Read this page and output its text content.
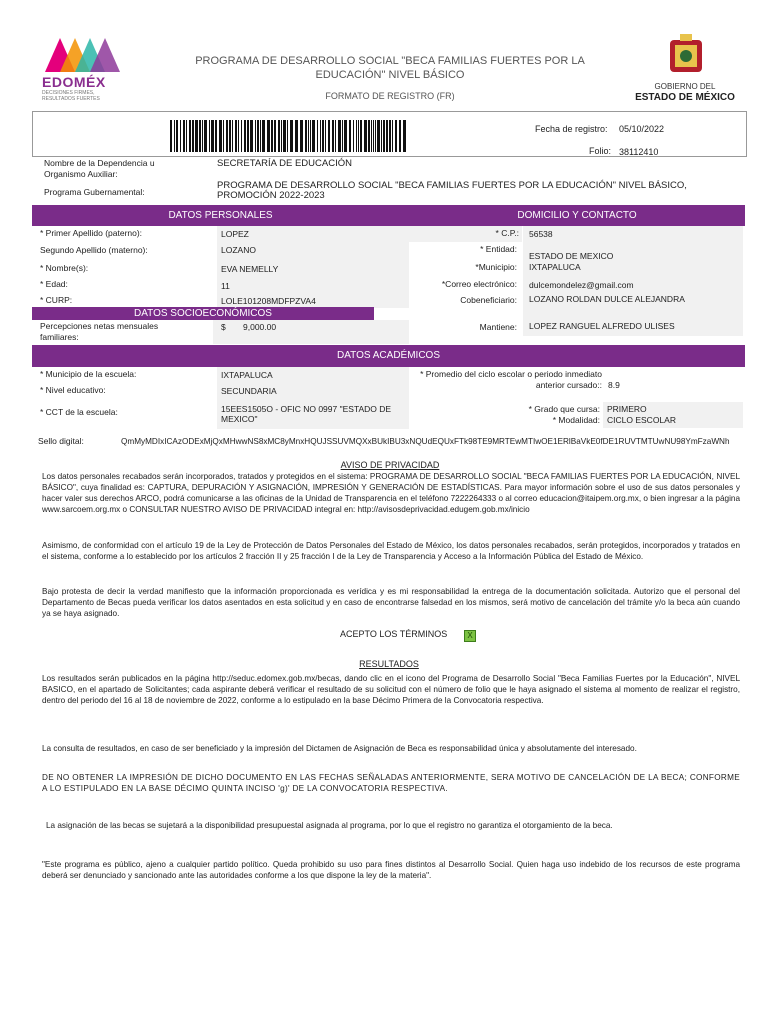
EDOMÉX
DECISIONES FIRMES, RESULTADOS FUERTES
PROGRAMA DE DESARROLLO SOCIAL "BECA FAMILIAS FUERTES POR LA EDUCACIÓN" NIVEL BÁSICO
FORMATO DE REGISTRO (FR)
GOBIERNO DEL
ESTADO DE MÉXICO
Fecha de registro: 05/10/2022
Folio: 38112410
Nombre de la Dependencia u Organismo Auxiliar:
SECRETARÍA DE EDUCACIÓN
Programa Gubernamental:
PROGRAMA DE DESARROLLO SOCIAL "BECA FAMILIAS FUERTES POR LA EDUCACIÓN" NIVEL BÁSICO, PROMOCIÓN 2022-2023
DATOS PERSONALES	DOMICILIO Y CONTACTO
* Primer Apellido (paterno):	LOPEZ
Segundo Apellido (materno):	LOZANO
* Nombre(s):	EVA NEMELLY
* Edad:	11
* CURP:	LOLE101208MDFPZVA4
* C.P.: 56538
* Entidad:
ESTADO DE MEXICO
*Municipio: IXTAPALUCA
*Correo electrónico: dulcemondelez@gmail.com
Cobeneficiario: LOZANO ROLDAN DULCE ALEJANDRA
Mantiene: LOPEZ RANGUEL ALFREDO ULISES
DATOS SOCIOECONÓMICOS
Percepciones netas mensuales familiares:
$ 9,000.00
DATOS ACADÉMICOS
* Municipio de la escuela:	IXTAPALUCA
* Nivel educativo:	SECUNDARIA
* CCT de la escuela:	15EES1505O - OFIC NO 0997 "ESTADO DE MEXICO"
* Promedio del ciclo escolar o periodo inmediato anterior cursado:: 8.9
* Grado que cursa: PRIMERO
* Modalidad: CICLO ESCOLAR
Sello digital:	QmMyMDIxICAzODExMjQxMHwwNS8xMC8yMnxHQUJSSUVMQXxBUkIBU3xNQUdEQUxFTk98TE9MRTEwMTIwOE1ERlBaVkE0fDE1RUVTMTUwNU98YmFzaWNh
AVISO DE PRIVACIDAD
Los datos personales recabados serán incorporados, tratados y protegidos en el sistema: PROGRAMA DE DESARROLLO SOCIAL "BECA FAMILIAS FUERTES POR LA EDUCACIÓN, NIVEL BÁSICO", cuya finalidad es: CAPTURA, DEPURACIÓN Y ASIGNACIÓN, IMPRESIÓN Y GENERACIÓN DE ESTADÍSTICAS. Para mayor información sobre el uso de sus datos personales y hacer valer sus derechos ARCO, podrá comunicarse a las oficinas de la Unidad de Transparencia en el teléfono 7222264333 o al correo educacion@itaipem.org.mx, o bien ingresar a la página www.sarcoem.org.mx o CONSULTAR NUESTRO AVISO DE PRIVACIDAD integral en: http://avisosdeprivacidad.edugem.gob.mx/inicio
Asimismo, de conformidad con el artículo 19 de la Ley de Protección de Datos Personales del Estado de México, los datos personales recabados, serán protegidos, incorporados y tratados en el sistema, conforme a lo establecido por los artículos 2 fracción II y 25 fracción I de la Ley de Transparencia y Acceso a la Información Pública del Estado de México.
Bajo protesta de decir la verdad manifiesto que la información proporcionada es verídica y es mi responsabilidad la entrega de la documentación solicitada. Autorizo que el personal del Departamento de Becas pueda verificar los datos asentados en esta solicitud y en caso de encontrarse falsedad en los mismos, será motivo de cancelación del trámite y/o la beca aún cuando ya se haya asignado.
ACEPTO LOS TÉRMINOS	X
RESULTADOS
Los resultados serán publicados en la página http://seduc.edomex.gob.mx/becas, dando clic en el icono del Programa de Desarrollo Social "Beca Familias Fuertes por la Educación", NIVEL BASICO, en el apartado de Solicitantes; cada aspirante deberá verificar el resultado de su solicitud con el número de folio que le haya asignado el sistema al momento de realizar el registro, dentro del periodo del 16 al 18 de noviembre de 2022, conforme a lo estipulado en la base Décimo Primera de la Convocatoria respectiva.
La consulta de resultados, en caso de ser beneficiado y la impresión del Dictamen de Asignación de Beca es responsabilidad única y absolutamente del interesado.
DE NO OBTENER LA IMPRESIÓN DE DICHO DOCUMENTO EN LAS FECHAS SEÑALADAS ANTERIORMENTE, SERA MOTIVO DE CANCELACIÓN DE LA BECA; CONFORME A LO ESTIPULADO EN LA BASE DÉCIMO QUINTA INCISO 'g)' DE LA CONVOCATORIA RESPECTIVA.
La asignación de las becas se sujetará a la disponibilidad presupuestal asignada al programa, por lo que el registro no garantiza el otorgamiento de la beca.
"Este programa es público, ajeno a cualquier partido político. Queda prohibido su uso para fines distintos al Desarrollo Social. Quien haga uso indebido de los recursos de este programa deberá ser denunciado y sancionado ante las autoridades conforme a los que dispone la ley de la materia".
